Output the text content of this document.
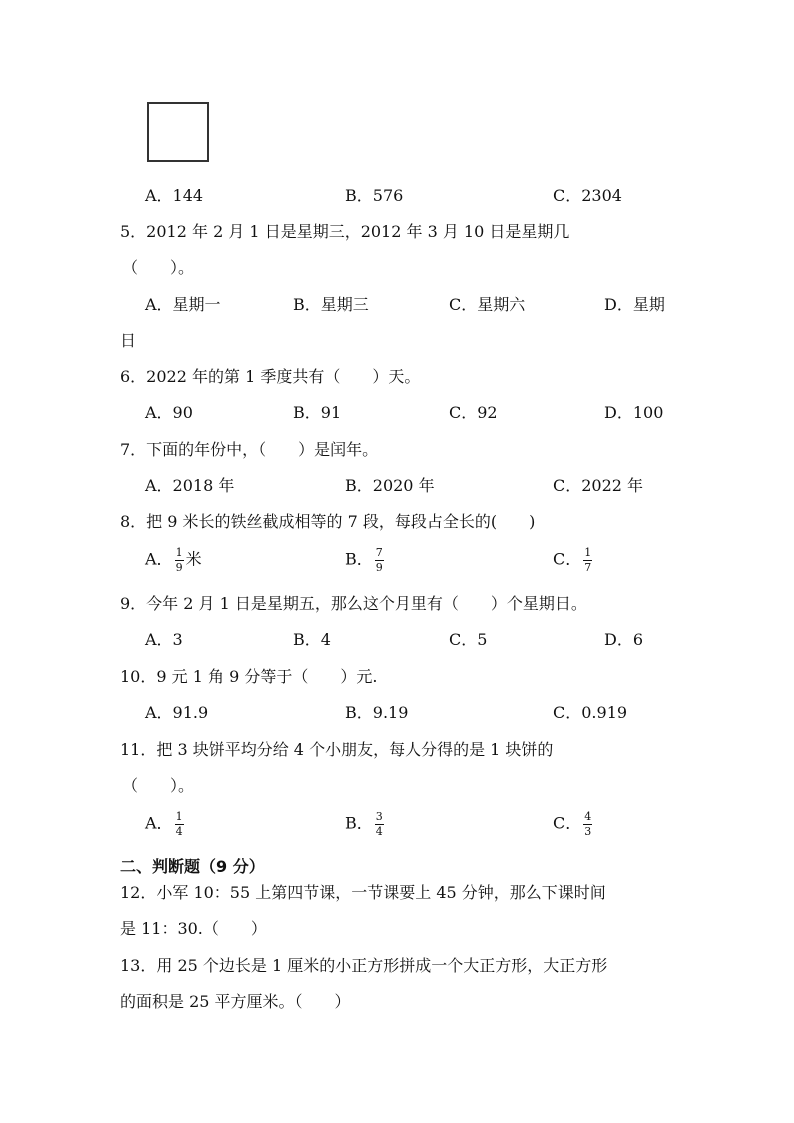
A．144	B．576	C．2304
5．2012 年 2 月 1 日是星期三，2012 年 3 月 10 日是星期几
（　　）。
A．星期一	B．星期三	C．星期六	D．星期
日
6．2022 年的第 1 季度共有（　　）天。
A．90	B．91	C．92	D．100
7．下面的年份中，（　　）是闰年。
A．2018 年	B．2020 年	C．2022 年
8．把 9 米长的铁丝截成相等的 7 段，每段占全长的(　　)
A． $\frac{1}{9}$ 米	B． $\frac{7}{9}$	C． $\frac{1}{7}$
9．今年 2 月 1 日是星期五，那么这个月里有（　　）个星期日。
A．3	B．4	C．5	D．6
10．9 元 1 角 9 分等于（　　）元.
A．91.9	B．9.19	C．0.919
11．把 3 块饼平均分给 4 个小朋友，每人分得的是 1 块饼的
（　　）。
A． $\frac{1}{4}$	B． $\frac{3}{4}$	C． $\frac{4}{3}$
二、判断题（9 分）
12．小军 10：55 上第四节课，一节课要上 45 分钟，那么下课时间
是 11：30.（　　）
13．用 25 个边长是 1 厘米的小正方形拼成一个大正方形，大正方形
的面积是 25 平方厘米。（　　）
